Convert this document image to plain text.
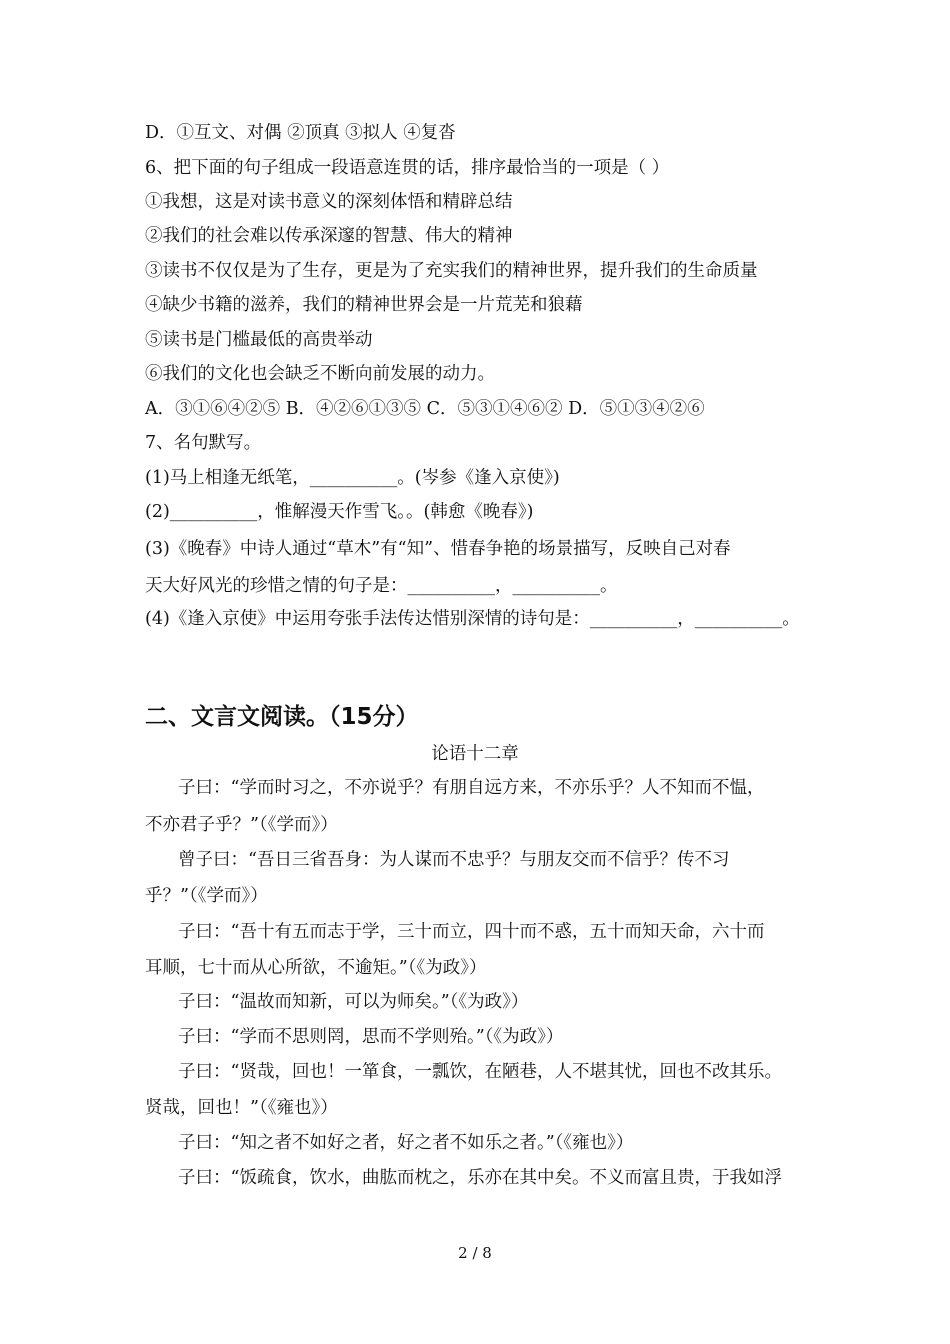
D．①互文、对偶 ②顶真 ③拟人 ④复沓
6、把下面的句子组成一段语意连贯的话，排序最恰当的一项是（ ）
①我想，这是对读书意义的深刻体悟和精辟总结
②我们的社会难以传承深邃的智慧、伟大的精神
③读书不仅仅是为了生存，更是为了充实我们的精神世界，提升我们的生命质量
④缺少书籍的滋养，我们的精神世界会是一片荒芜和狼藉
⑤读书是门槛最低的高贵举动
⑥我们的文化也会缺乏不断向前发展的动力。
A．③①⑥④②⑤ B．④②⑥①③⑤ C．⑤③①④⑥② D．⑤①③④②⑥
7、名句默写。
(1)马上相逢无纸笔，__________。(岑参《逢入京使》)
(2)__________，惟解漫天作雪飞。。(韩愈《晚春》)
(3)《晚春》中诗人通过“草木”有“知”、惜春争艳的场景描写，反映自己对春
天大好风光的珍惜之情的句子是：__________，__________。
(4)《逢入京使》中运用夸张手法传达惜别深情的诗句是：__________，__________。
二、文言文阅读。（15分）
论语十二章
子曰：“学而时习之，不亦说乎？有朋自远方来，不亦乐乎？人不知而不愠，
不亦君子乎？”（《学而》）
曾子曰：“吾日三省吾身：为人谋而不忠乎？与朋友交而不信乎？传不习
乎？”（《学而》）
子曰：“吾十有五而志于学，三十而立，四十而不惑，五十而知天命，六十而
耳顺，七十而从心所欲，不逾矩。”（《为政》）
子曰：“温故而知新，可以为师矣。”（《为政》）
子曰：“学而不思则罔，思而不学则殆。”（《为政》）
子曰：“贤哉，回也！一箪食，一瓢饮，在陋巷，人不堪其忧，回也不改其乐。
贤哉，回也！”（《雍也》）
子曰：“知之者不如好之者，好之者不如乐之者。”（《雍也》）
子曰：“饭疏食，饮水，曲肱而枕之，乐亦在其中矣。不义而富且贵，于我如浮
2 / 8
